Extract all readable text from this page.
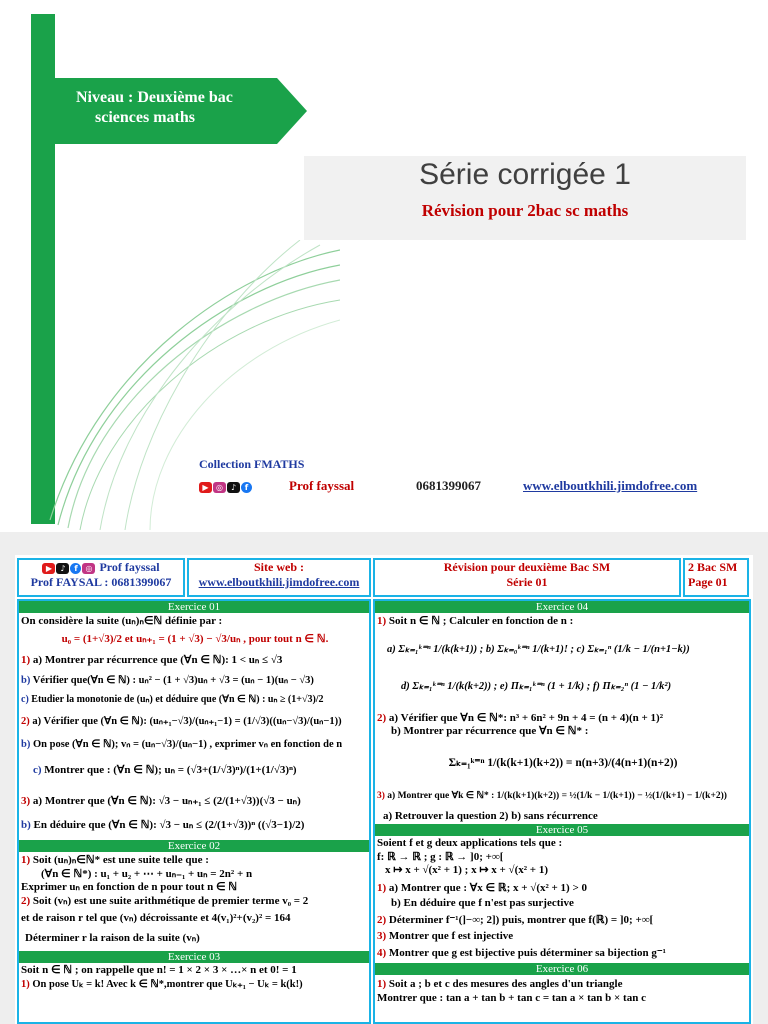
Niveau : Deuxième bac
sciences maths
Série corrigée 1
Révision pour 2bac sc maths
Collection FMATHS
▶ ◎ ♪ f	Prof fayssal	0681399067	www.elboutkhili.jimdofree.com
▶ ♪ f ◎ Prof fayssal
Prof FAYSAL : 0681399067
Site web :
www.elboutkhili.jimdofree.com
Révision pour deuxième Bac SM
Série 01
2 Bac SM
Page 01
Exercice 01
On considère la suite (uₙ)ₙ∈ℕ définie par :
u₀ = (1+√3)/2 et uₙ₊₁ = (1 + √3) − √3/uₙ , pour tout n ∈ ℕ.
1) a) Montrer par récurrence que (∀n ∈ ℕ): 1 < uₙ ≤ √3
b) Vérifier que(∀n ∈ ℕ) : uₙ² − (1 + √3)uₙ + √3 = (uₙ − 1)(uₙ − √3)
c) Etudier la monotonie de (uₙ) et déduire que (∀n ∈ ℕ) : uₙ ≥ (1+√3)/2
2) a) Vérifier que (∀n ∈ ℕ): (uₙ₊₁−√3)/(uₙ₊₁−1) = (1/√3)((uₙ−√3)/(uₙ−1))
b) On pose (∀n ∈ ℕ); vₙ = (uₙ−√3)/(uₙ−1) , exprimer vₙ en fonction de n
c) Montrer que : (∀n ∈ ℕ); uₙ = (√3+(1/√3)ⁿ)/(1+(1/√3)ⁿ)
3) a) Montrer que (∀n ∈ ℕ): √3 − uₙ₊₁ ≤ (2/(1+√3))(√3 − uₙ)
b) En déduire que (∀n ∈ ℕ): √3 − uₙ ≤ (2/(1+√3))ⁿ ((√3−1)/2)
Exercice 02
1) Soit (uₙ)ₙ∈ℕ* est une suite telle que :
(∀n ∈ ℕ*) : u₁ + u₂ + ⋯ + uₙ₋₁ + uₙ = 2n² + n
Exprimer uₙ en fonction de n pour tout n ∈ ℕ
2) Soit (vₙ) est une suite arithmétique de premier terme v₀ = 2
et de raison r tel que (vₙ) décroissante et 4(v₁)²+(v₂)² = 164
Déterminer r la raison de la suite (vₙ)
Exercice 03
Soit n ∈ ℕ ; on rappelle que n! = 1 × 2 × 3 × …× n et 0! = 1
1) On pose Uₖ = k! Avec k ∈ ℕ*,montrer que Uₖ₊₁ − Uₖ = k(k!)
Exercice 04
1) Soit n ∈ ℕ ; Calculer en fonction de n :
a) Σₖ₌₁ᵏ⁼ⁿ 1/(k(k+1)) ; b) Σₖ₌₀ᵏ⁼ⁿ 1/(k+1)! ; c) Σₖ₌₁ⁿ (1/k − 1/(n+1−k))
d) Σₖ₌₁ᵏ⁼ⁿ 1/(k(k+2)) ; e) Πₖ₌₁ᵏ⁼ⁿ (1 + 1/k) ; f) Πₖ₌₂ⁿ (1 − 1/k²)
2) a) Vérifier que ∀n ∈ ℕ*: n³ + 6n² + 9n + 4 = (n + 4)(n + 1)²
b) Montrer par récurrence que ∀n ∈ ℕ* :
Σₖ₌₁ᵏ⁼ⁿ 1/(k(k+1)(k+2)) = n(n+3)/(4(n+1)(n+2))
3) a) Montrer que ∀k ∈ ℕ* : 1/(k(k+1)(k+2)) = ½(1/k − 1/(k+1)) − ½(1/(k+1) − 1/(k+2))
a) Retrouver la question 2) b) sans récurrence
Exercice 05
Soient f et g deux applications tels que :
f: ℝ → ℝ ; g : ℝ → ]0; +∞[
x ↦ x + √(x² + 1) ; x ↦ x + √(x² + 1)
1) a) Montrer que : ∀x ∈ ℝ; x + √(x² + 1) > 0
b) En déduire que f n'est pas surjective
2) Déterminer f⁻¹(]−∞; 2]) puis, montrer que f(ℝ) = ]0; +∞[
3) Montrer que f est injective
4) Montrer que g est bijective puis déterminer sa bijection g⁻¹
Exercice 06
1) Soit a ; b et c des mesures des angles d'un triangle
Montrer que : tan a + tan b + tan c = tan a × tan b × tan c
